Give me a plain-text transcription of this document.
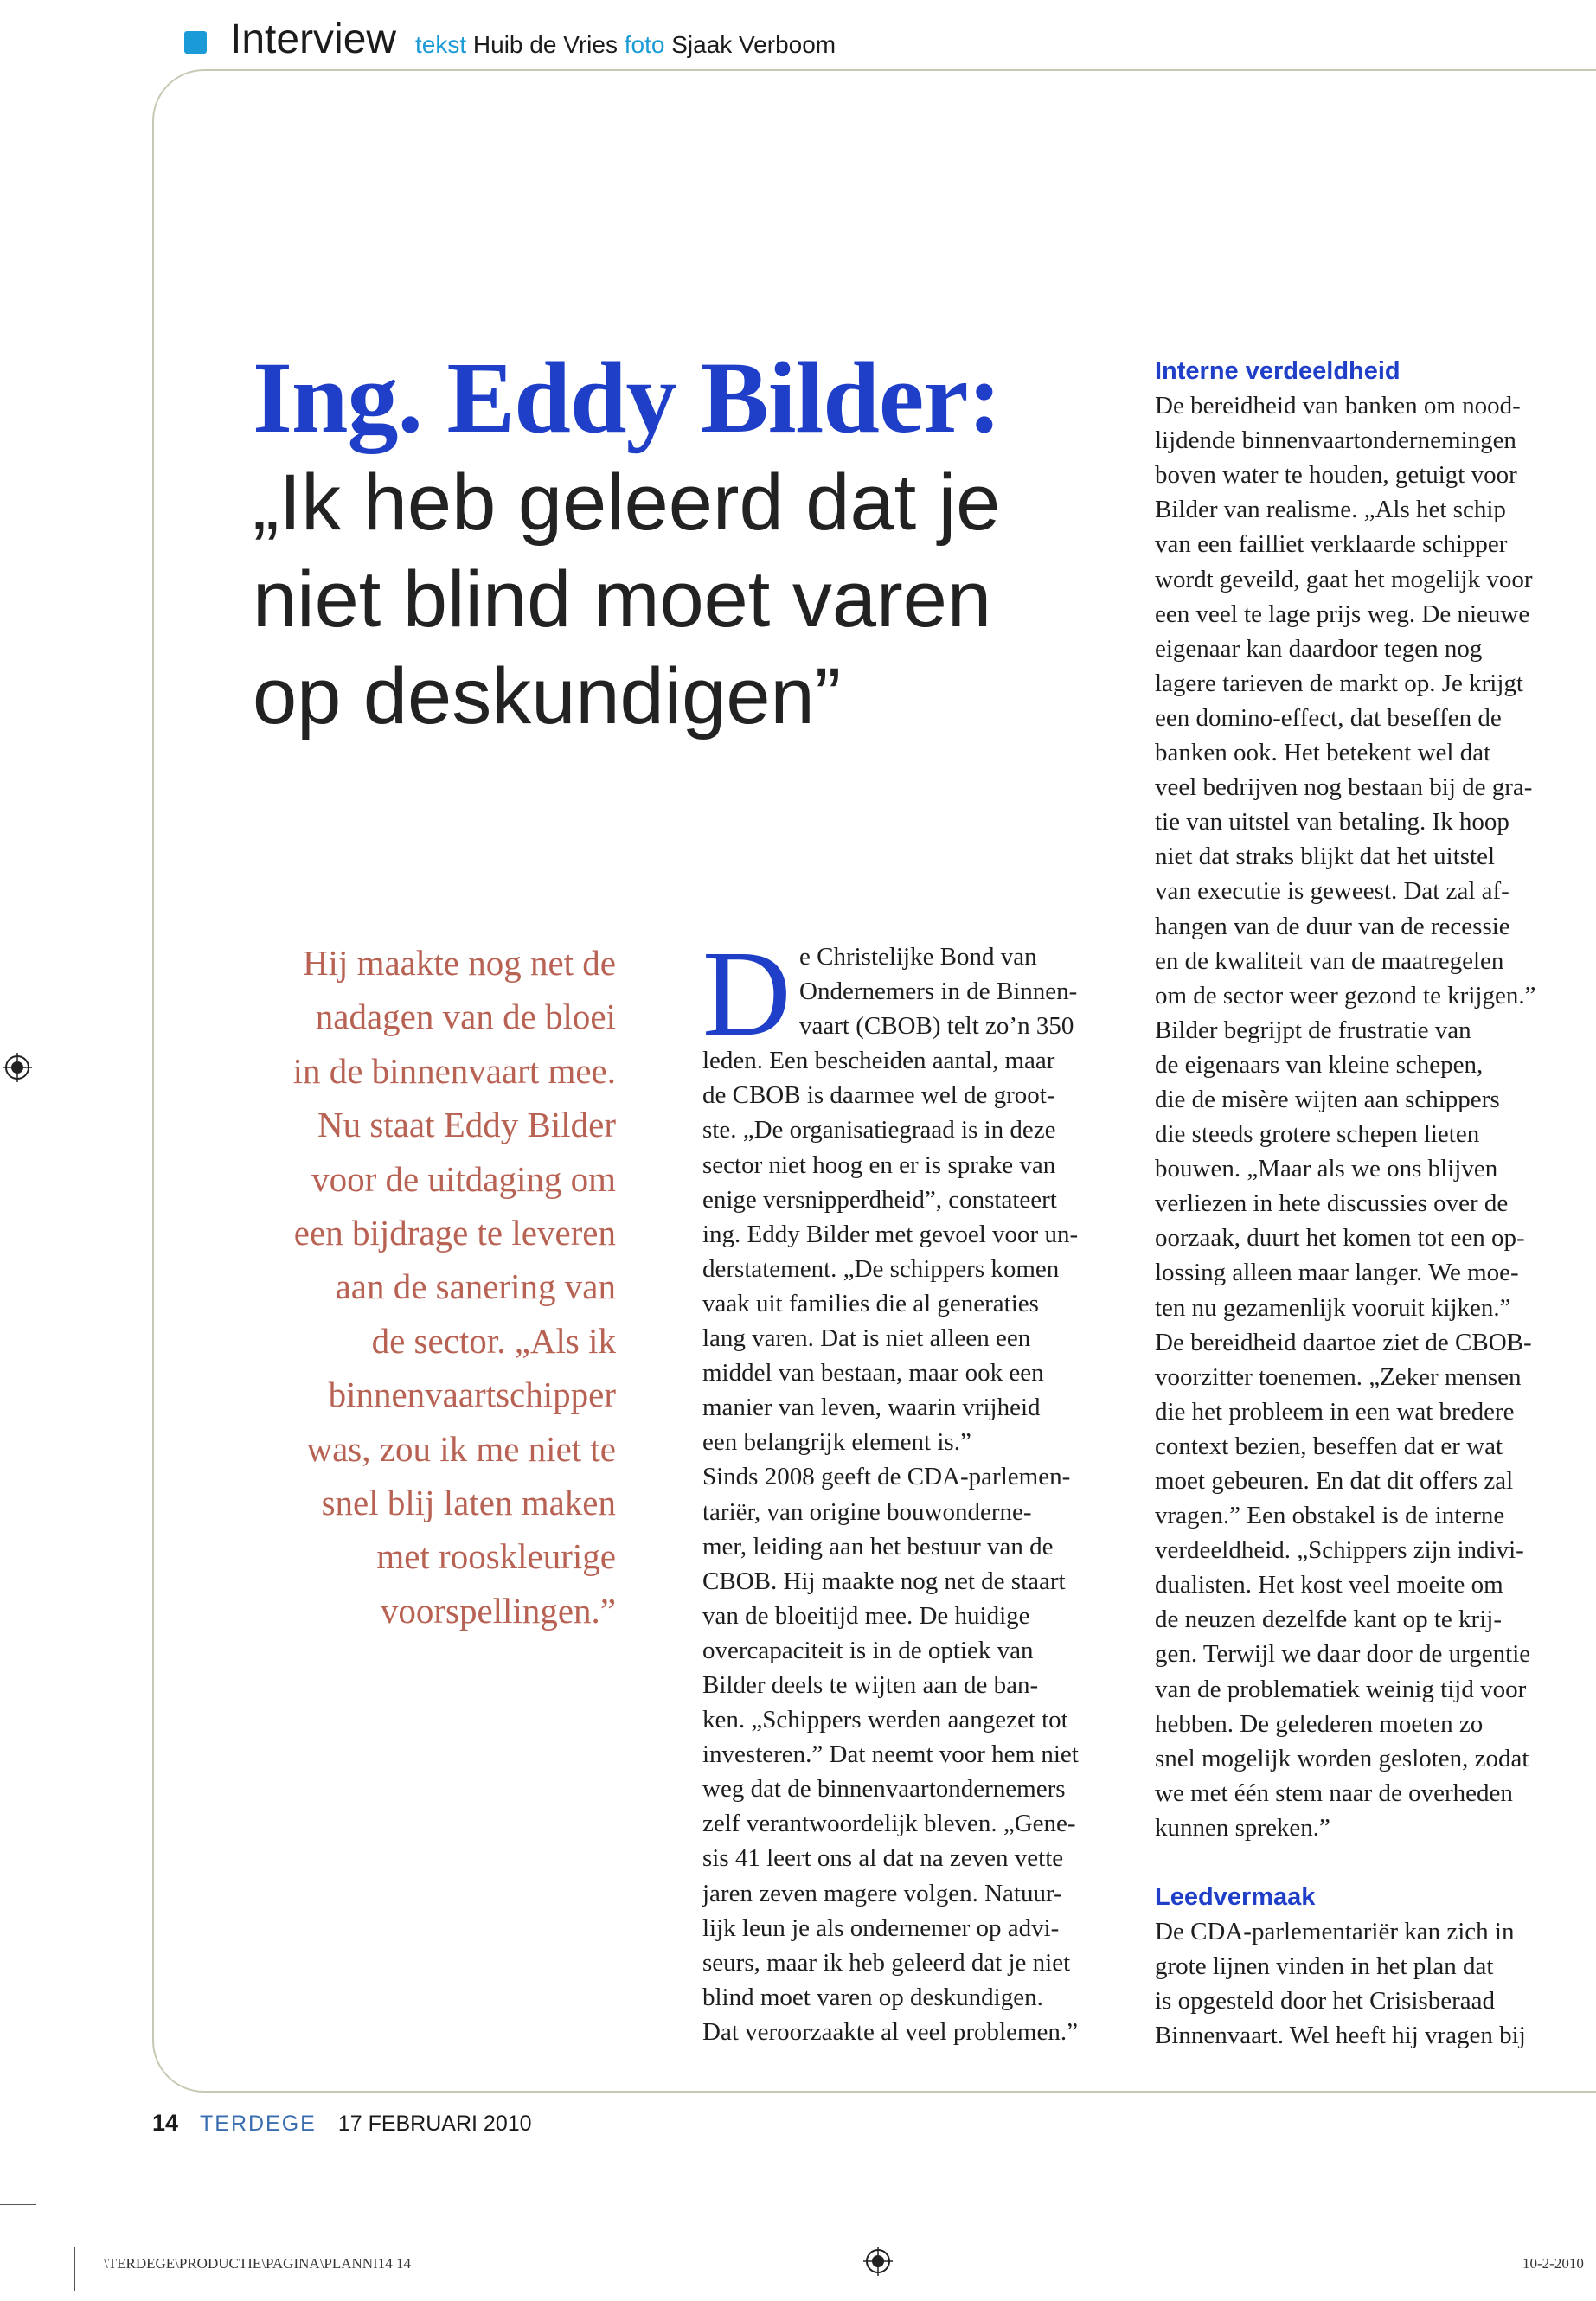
Interview tekst Huib de Vries foto Sjaak Verboom
Ing. Eddy Bilder:
„Ik heb geleerd dat je
niet blind moet varen
op deskundigen”
Hij maakte nog net de
nadagen van de bloei
in de binnenvaart mee.
Nu staat Eddy Bilder
voor de uitdaging om
een bijdrage te leveren
aan de sanering van
de sector. „Als ik
binnenvaartschipper
was, zou ik me niet te
snel blij laten maken
met rooskleurige
voorspellingen.”
D e Christelijke Bond van
Ondernemers in de Binnen-
vaart (CBOB) telt zo’n 350
leden. Een bescheiden aantal, maar
de CBOB is daarmee wel de groot-
ste. „De organisatiegraad is in deze
sector niet hoog en er is sprake van
enige versnipperdheid”, constateert
ing. Eddy Bilder met gevoel voor un-
derstatement. „De schippers komen
vaak uit families die al generaties
lang varen. Dat is niet alleen een
middel van bestaan, maar ook een
manier van leven, waarin vrijheid
een belangrijk element is.”
Sinds 2008 geeft de CDA-parlemen-
tariër, van origine bouwonderne-
mer, leiding aan het bestuur van de
CBOB. Hij maakte nog net de staart
van de bloeitijd mee. De huidige
overcapaciteit is in de optiek van
Bilder deels te wijten aan de ban-
ken. „Schippers werden aangezet tot
investeren.” Dat neemt voor hem niet
weg dat de binnenvaartondernemers
zelf verantwoordelijk bleven. „Gene-
sis 41 leert ons al dat na zeven vette
jaren zeven magere volgen. Natuur-
lijk leun je als ondernemer op advi-
seurs, maar ik heb geleerd dat je niet
blind moet varen op deskundigen.
Dat veroorzaakte al veel problemen.”
Interne verdeeldheid
De bereidheid van banken om nood-
lijdende binnenvaartondernemingen
boven water te houden, getuigt voor
Bilder van realisme. „Als het schip
van een failliet verklaarde schipper
wordt geveild, gaat het mogelijk voor
een veel te lage prijs weg. De nieuwe
eigenaar kan daardoor tegen nog
lagere tarieven de markt op. Je krijgt
een domino-effect, dat beseffen de
banken ook. Het betekent wel dat
veel bedrijven nog bestaan bij de gra-
tie van uitstel van betaling. Ik hoop
niet dat straks blijkt dat het uitstel
van executie is geweest. Dat zal af-
hangen van de duur van de recessie
en de kwaliteit van de maatregelen
om de sector weer gezond te krijgen.”
Bilder begrijpt de frustratie van
de eigenaars van kleine schepen,
die de misère wijten aan schippers
die steeds grotere schepen lieten
bouwen. „Maar als we ons blijven
verliezen in hete discussies over de
oorzaak, duurt het komen tot een op-
lossing alleen maar langer. We moe-
ten nu gezamenlijk vooruit kijken.”
De bereidheid daartoe ziet de CBOB-
voorzitter toenemen. „Zeker mensen
die het probleem in een wat bredere
context bezien, beseffen dat er wat
moet gebeuren. En dat dit offers zal
vragen.” Een obstakel is de interne
verdeeldheid. „Schippers zijn indivi-
dualisten. Het kost veel moeite om
de neuzen dezelfde kant op te krij-
gen. Terwijl we daar door de urgentie
van de problematiek weinig tijd voor
hebben. De gelederen moeten zo
snel mogelijk worden gesloten, zodat
we met één stem naar de overheden
kunnen spreken.”
Leedvermaak
De CDA-parlementariër kan zich in
grote lijnen vinden in het plan dat
is opgesteld door het Crisisberaad
Binnenvaart. Wel heeft hij vragen bij
14 TERDEGE 17 FEBRUARI 2010
\TERDEGE\PRODUCTIE\PAGINA\PLANNI14 14	10-2-2010
